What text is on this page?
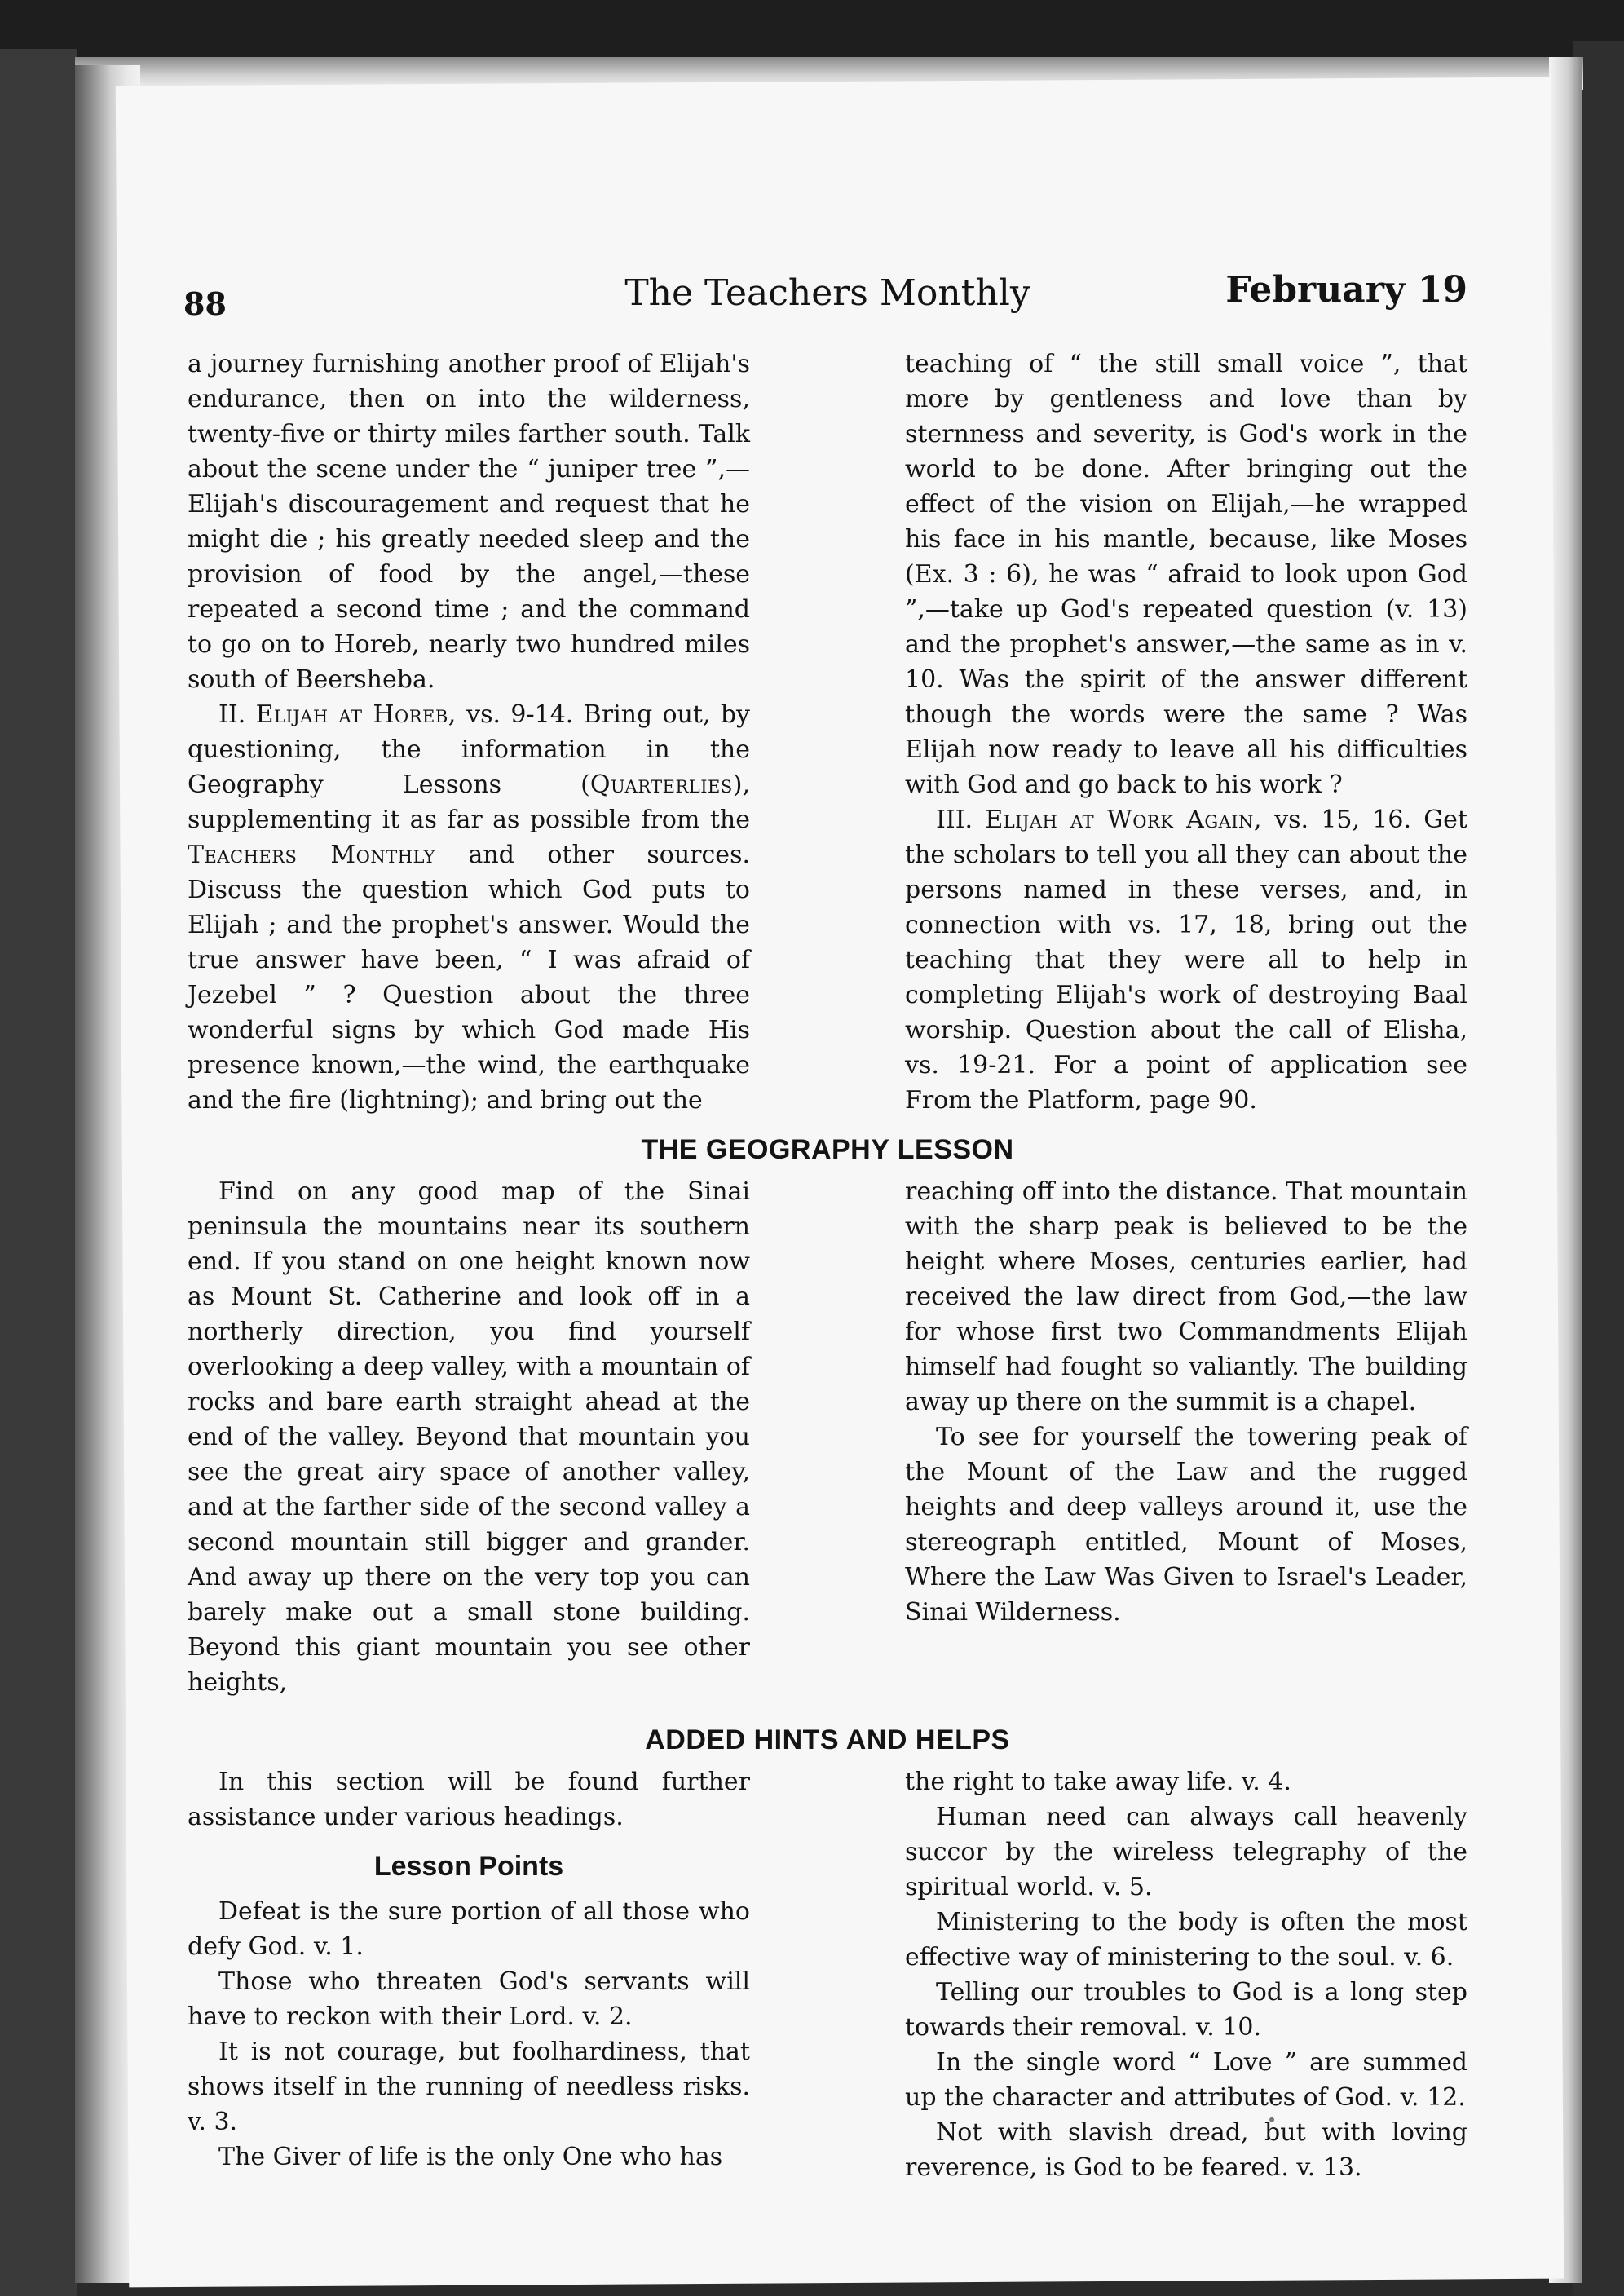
88	The Teachers Monthly	February 19

a journey furnishing another proof of Elijah's endurance, then on into the wilderness, twenty-five or thirty miles farther south. Talk about the scene under the “ juniper tree ”,—Elijah's discouragement and request that he might die ; his greatly needed sleep and the provision of food by the angel,—these repeated a second time ; and the command to go on to Horeb, nearly two hundred miles south of Beersheba.

II. Elijah at Horeb, vs. 9-14. Bring out, by questioning, the information in the Geography Lessons (Quarterlies), supplementing it as far as possible from the Teachers Monthly and other sources. Discuss the question which God puts to Elijah ; and the prophet's answer. Would the true answer have been, “ I was afraid of Jezebel ” ? Question about the three wonderful signs by which God made His presence known,—the wind, the earthquake and the fire (lightning); and bring out the

teaching of “ the still small voice ”, that more by gentleness and love than by sternness and severity, is God's work in the world to be done. After bringing out the effect of the vision on Elijah,—he wrapped his face in his mantle, because, like Moses (Ex. 3 : 6), he was “ afraid to look upon God ”,—take up God's repeated question (v. 13) and the prophet's answer,—the same as in v. 10. Was the spirit of the answer different though the words were the same ? Was Elijah now ready to leave all his difficulties with God and go back to his work ?

III. Elijah at Work Again, vs. 15, 16. Get the scholars to tell you all they can about the persons named in these verses, and, in connection with vs. 17, 18, bring out the teaching that they were all to help in completing Elijah's work of destroying Baal worship. Question about the call of Elisha, vs. 19-21. For a point of application see From the Platform, page 90.

THE GEOGRAPHY LESSON

Find on any good map of the Sinai peninsula the mountains near its southern end. If you stand on one height known now as Mount St. Catherine and look off in a northerly direction, you find yourself overlooking a deep valley, with a mountain of rocks and bare earth straight ahead at the end of the valley. Beyond that mountain you see the great airy space of another valley, and at the farther side of the second valley a second mountain still bigger and grander. And away up there on the very top you can barely make out a small stone building. Beyond this giant mountain you see other heights,

reaching off into the distance. That mountain with the sharp peak is believed to be the height where Moses, centuries earlier, had received the law direct from God,—the law for whose first two Commandments Elijah himself had fought so valiantly. The building away up there on the summit is a chapel.

To see for yourself the towering peak of the Mount of the Law and the rugged heights and deep valleys around it, use the stereograph entitled, Mount of Moses, Where the Law Was Given to Israel's Leader, Sinai Wilderness.

ADDED HINTS AND HELPS

In this section will be found further assistance under various headings.

Lesson Points

Defeat is the sure portion of all those who defy God. v. 1.

Those who threaten God's servants will have to reckon with their Lord. v. 2.

It is not courage, but foolhardiness, that shows itself in the running of needless risks. v. 3.

The Giver of life is the only One who has

the right to take away life. v. 4.

Human need can always call heavenly succor by the wireless telegraphy of the spiritual world. v. 5.

Ministering to the body is often the most effective way of ministering to the soul. v. 6.

Telling our troubles to God is a long step towards their removal. v. 10.

In the single word “ Love ” are summed up the character and attributes of God. v. 12.

Not with slavish dread, but with loving reverence, is God to be feared. v. 13.
